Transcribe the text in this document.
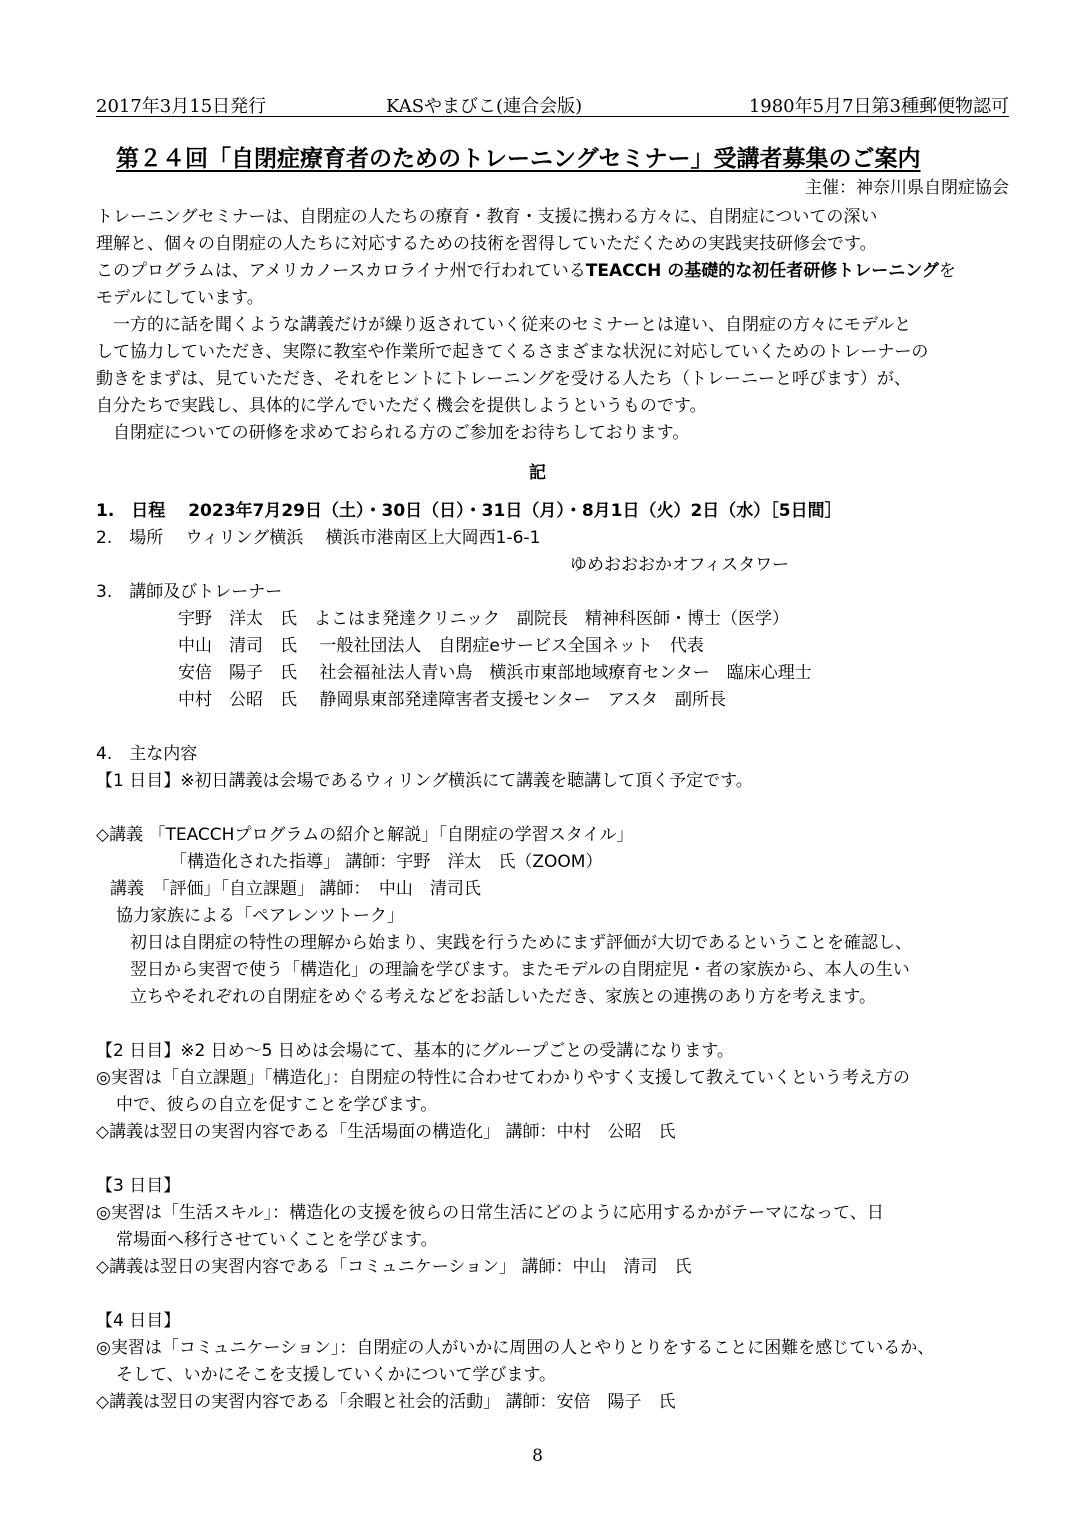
2017年3月15日発行	KASやまびこ(連合会版)	1980年5月7日第3種郵便物認可
第２４回「自閉症療育者のためのトレーニングセミナー」受講者募集のご案内
主催：神奈川県自閉症協会
トレーニングセミナーは、自閉症の人たちの療育・教育・支援に携わる方々に、自閉症についての深い
理解と、個々の自閉症の人たちに対応するための技術を習得していただくための実践実技研修会です。
このプログラムは、アメリカノースカロライナ州で行われているTEACCH の基礎的な初任者研修トレーニングを
モデルにしています。
　一方的に話を聞くような講義だけが繰り返されていく従来のセミナーとは違い、自閉症の方々にモデルと
して協力していただき、実際に教室や作業所で起きてくるさまざまな状況に対応していくためのトレーナーの
動きをまずは、見ていただき、それをヒントにトレーニングを受ける人たち（トレーニーと呼びます）が、
自分たちで実践し、具体的に学んでいただく機会を提供しようというものです。
　自閉症についての研修を求めておられる方のご参加をお待ちしております。
記
1.　日程　 2023年7月29日（土）・30日（日）・31日（月）・8月1日（火）2日（水）［5日間］
2.　場所　 ウィリング横浜　 横浜市港南区上大岡西1-6-1
ゆめおおおかオフィスタワー
3.　講師及びトレーナー
宇野　洋太　氏　よこはま発達クリニック　副院長　精神科医師・博士（医学）
中山　清司　氏　 一般社団法人　自閉症eサービス全国ネット　代表
安倍　陽子　氏　 社会福祉法人青い鳥　横浜市東部地域療育センター　臨床心理士
中村　公昭　氏　 静岡県東部発達障害者支援センター　アスタ　副所長
4.　主な内容
【1 日目】※初日講義は会場であるウィリング横浜にて講義を聴講して頂く予定です。
◇講義 「TEACCHプログラムの紹介と解説」「自閉症の学習スタイル」
「構造化された指導」 講師：宇野　洋太　氏（ZOOM）
講義　「評価」「自立課題」 講師：　中山　清司氏
協力家族による「ペアレンツトーク」
初日は自閉症の特性の理解から始まり、実践を行うためにまず評価が大切であるということを確認し、
翌日から実習で使う「構造化」の理論を学びます。またモデルの自閉症児・者の家族から、本人の生い
立ちやそれぞれの自閉症をめぐる考えなどをお話しいただき、家族との連携のあり方を考えます。
【2 日目】※2 日め～5 日めは会場にて、基本的にグループごとの受講になります。
◎実習は「自立課題」「構造化」：自閉症の特性に合わせてわかりやすく支援して教えていくという考え方の
中で、彼らの自立を促すことを学びます。
◇講義は翌日の実習内容である「生活場面の構造化」 講師：中村　公昭　氏
【3 日目】
◎実習は「生活スキル」：構造化の支援を彼らの日常生活にどのように応用するかがテーマになって、日
常場面へ移行させていくことを学びます。
◇講義は翌日の実習内容である「コミュニケーション」 講師：中山　清司　氏
【4 日目】
◎実習は「コミュニケーション」：自閉症の人がいかに周囲の人とやりとりをすることに困難を感じているか、
そして、いかにそこを支援していくかについて学びます。
◇講義は翌日の実習内容である「余暇と社会的活動」 講師：安倍　陽子　氏
8
